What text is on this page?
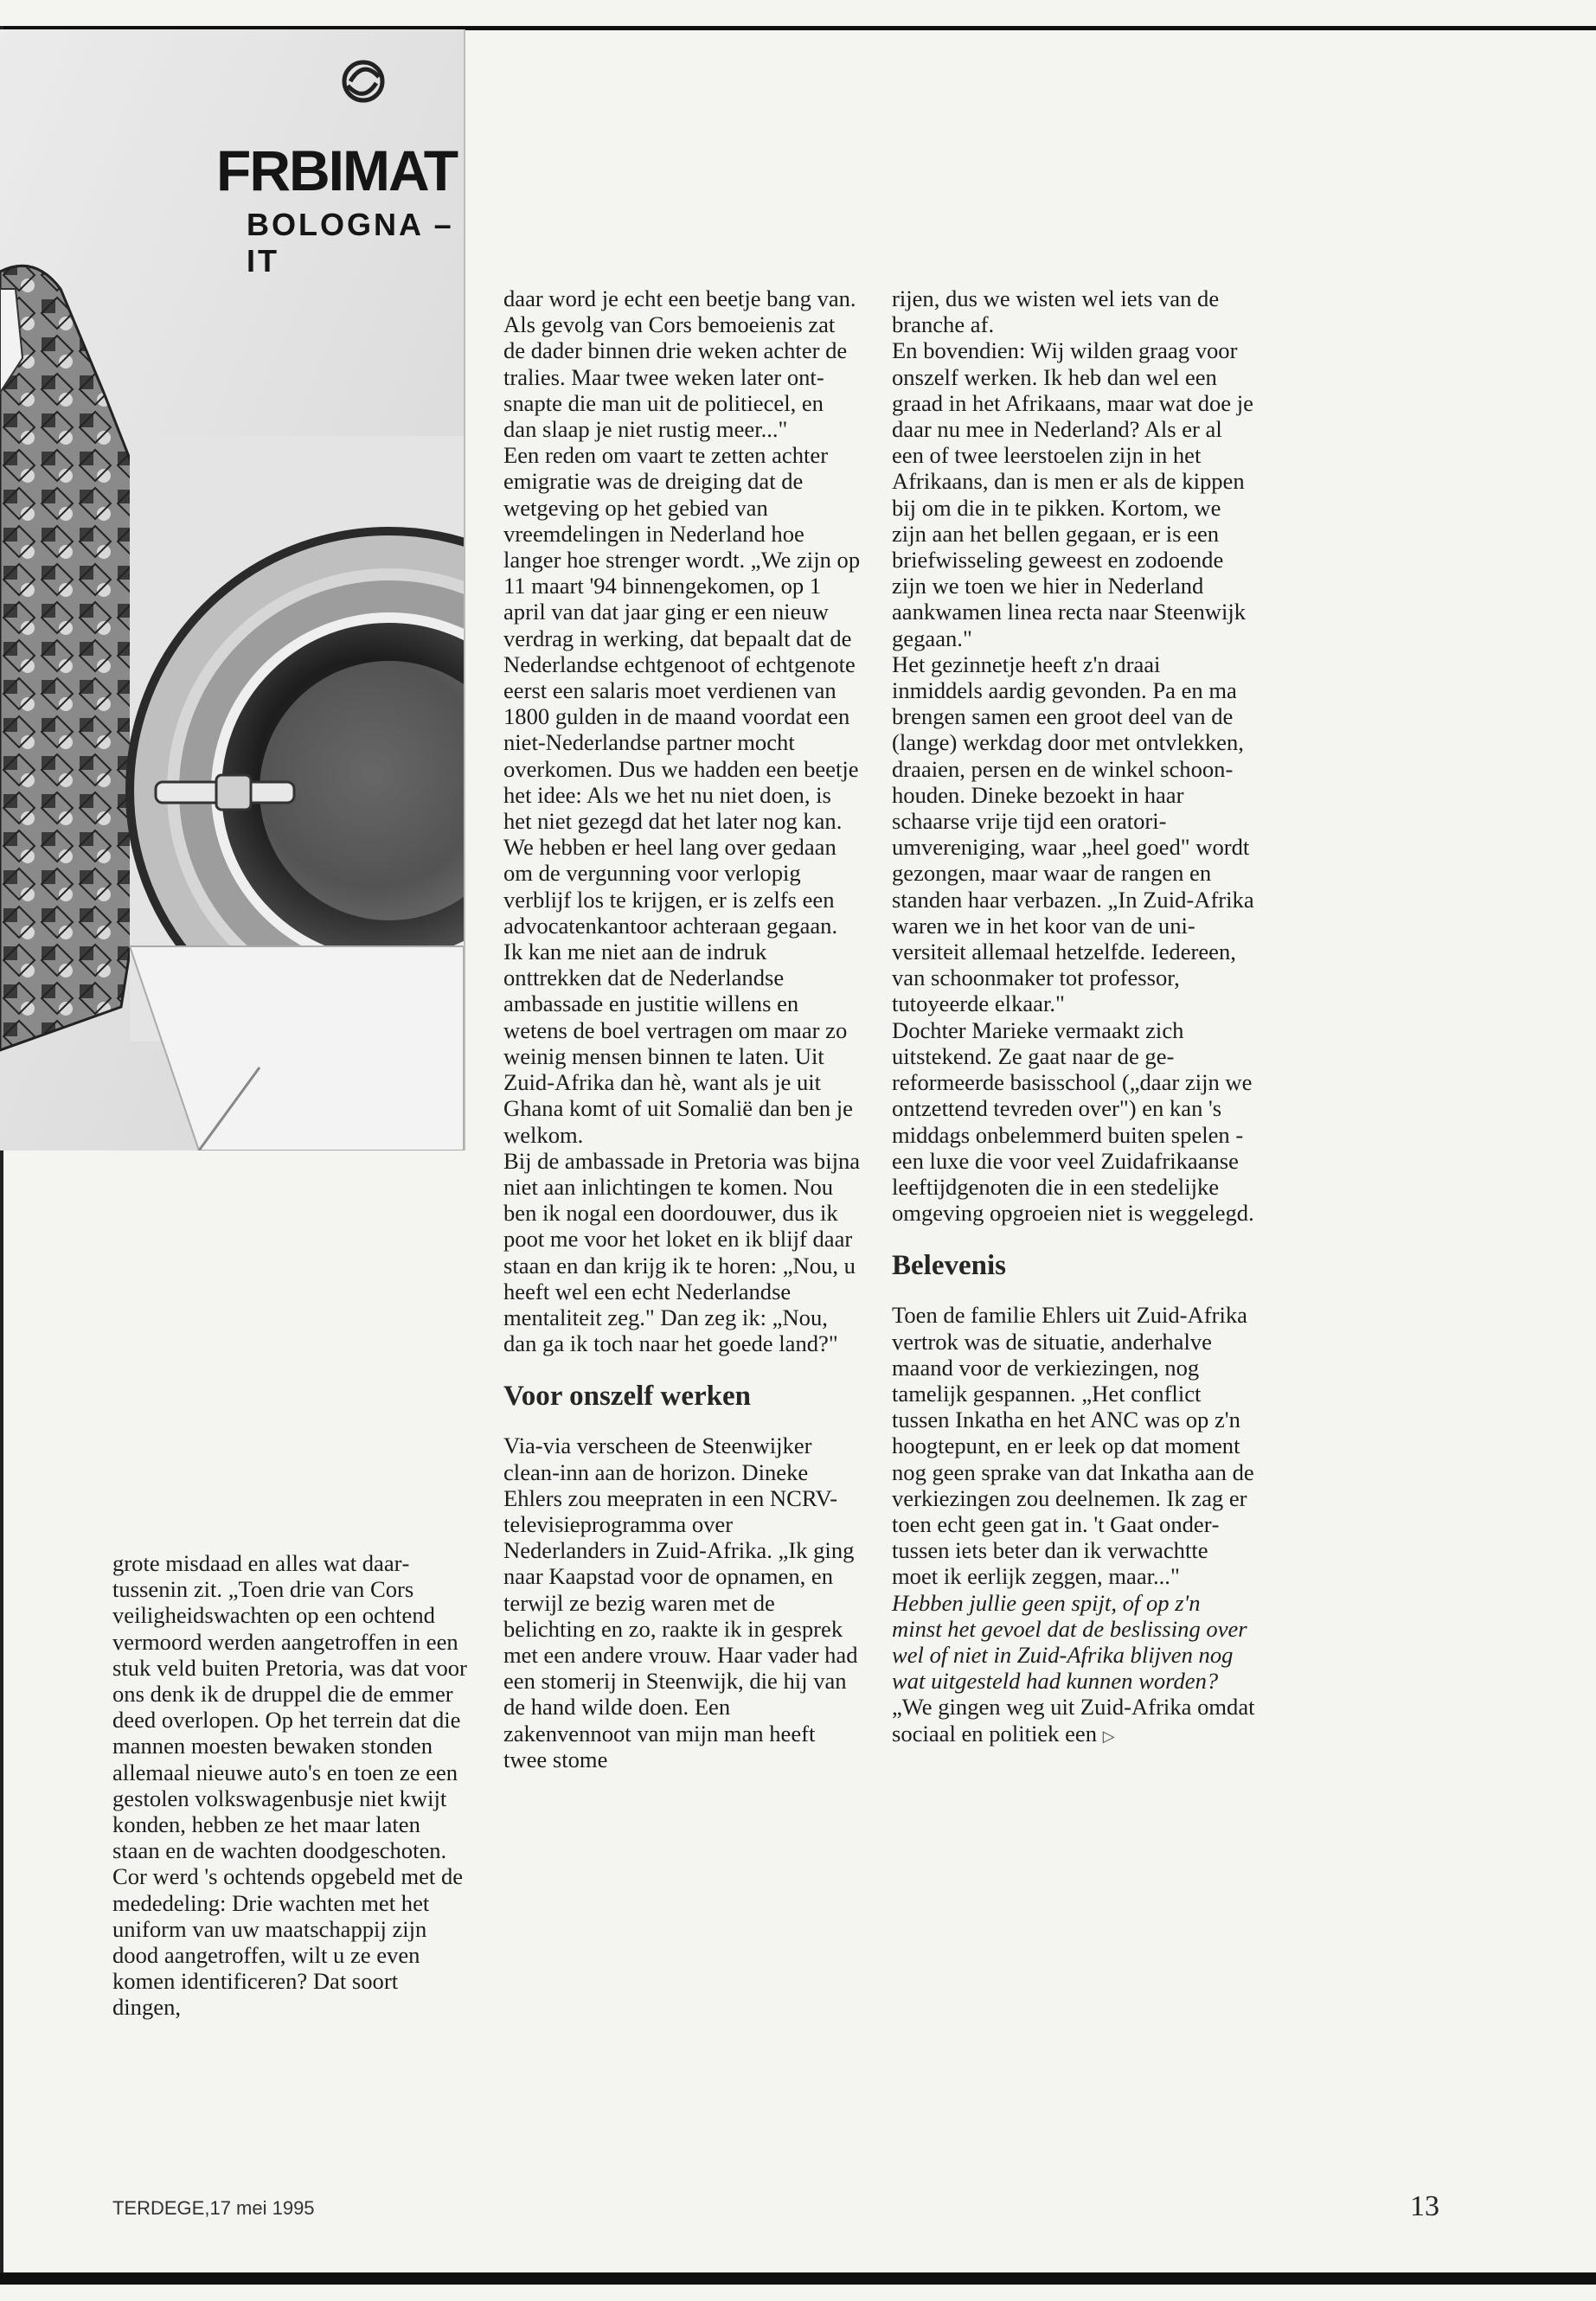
FRBIMAT
BOLOGNA – IT

grote misdaad en alles wat daartussenin zit. „Toen drie van Cors veiligheidswachten op een ochtend vermoord werden aangetroffen in een stuk veld buiten Pretoria, was dat voor ons denk ik de druppel die de emmer deed overlopen. Op het terrein dat die mannen moesten bewaken stonden allemaal nieuwe auto's en toen ze een gestolen volkswagenbusje niet kwijt konden, hebben ze het maar laten staan en de wachten doodgeschoten.

Cor werd 's ochtends opgebeld met de mededeling: Drie wachten met het uniform van uw maatschappij zijn dood aangetroffen, wilt u ze even komen identificeren? Dat soort dingen,

daar word je echt een beetje bang van. Als gevolg van Cors bemoeienis zat de dader binnen drie weken achter de tralies. Maar twee weken later ontsnapte die man uit de politiecel, en dan slaap je niet rustig meer..."

Een reden om vaart te zetten achter emigratie was de dreiging dat de wetgeving op het gebied van vreemdelingen in Nederland hoe langer hoe strenger wordt. „We zijn op 11 maart '94 binnengekomen, op 1 april van dat jaar ging er een nieuw verdrag in werking, dat bepaalt dat de Nederlandse echtgenoot of echtgenote eerst een salaris moet verdienen van 1800 gulden in de maand voordat een niet-Nederlandse partner mocht overkomen. Dus we hadden een beetje het idee: Als we het nu niet doen, is het niet gezegd dat het later nog kan. We hebben er heel lang over gedaan om de vergunning voor verlopig verblijf los te krijgen, er is zelfs een advocatenkantoor achteraan gegaan. Ik kan me niet aan de indruk onttrekken dat de Nederlandse ambassade en justitie willens en wetens de boel vertragen om maar zo weinig mensen binnen te laten. Uit Zuid-Afrika dan hè, want als je uit Ghana komt of uit Somalië dan ben je welkom.

Bij de ambassade in Pretoria was bijna niet aan inlichtingen te komen. Nou ben ik nogal een doordouwer, dus ik poot me voor het loket en ik blijf daar staan en dan krijg ik te horen: „Nou, u heeft wel een echt Nederlandse mentaliteit zeg." Dan zeg ik: „Nou, dan ga ik toch naar het goede land?"

Voor onszelf werken

Via-via verscheen de Steenwijker clean-inn aan de horizon. Dineke Ehlers zou meepraten in een NCRV-televisieprogramma over Nederlanders in Zuid-Afrika. „Ik ging naar Kaapstad voor de opnamen, en terwijl ze bezig waren met de belichting en zo, raakte ik in gesprek met een andere vrouw. Haar vader had een stomerij in Steenwijk, die hij van de hand wilde doen. Een zakenvennoot van mijn man heeft twee stome

rijen, dus we wisten wel iets van de branche af.

En bovendien: Wij wilden graag voor onszelf werken. Ik heb dan wel een graad in het Afrikaans, maar wat doe je daar nu mee in Nederland? Als er al een of twee leerstoelen zijn in het Afrikaans, dan is men er als de kippen bij om die in te pikken. Kortom, we zijn aan het bellen gegaan, er is een briefwisseling geweest en zodoende zijn we toen we hier in Nederland aankwamen linea recta naar Steenwijk gegaan."

Het gezinnetje heeft z'n draai inmiddels aardig gevonden. Pa en ma brengen samen een groot deel van de (lange) werkdag door met ontvlekken, draaien, persen en de winkel schoonhouden. Dineke bezoekt in haar schaarse vrije tijd een oratoriumvereniging, waar „heel goed" wordt gezongen, maar waar de rangen en standen haar verbazen. „In Zuid-Afrika waren we in het koor van de universiteit allemaal hetzelfde. Iedereen, van schoonmaker tot professor, tutoyeerde elkaar."

Dochter Marieke vermaakt zich uitstekend. Ze gaat naar de gereformeerde basisschool („daar zijn we ontzettend tevreden over") en kan 's middags onbelemmerd buiten spelen -een luxe die voor veel Zuidafrikaanse leeftijdgenoten die in een stedelijke omgeving opgroeien niet is weggelegd.

Belevenis

Toen de familie Ehlers uit Zuid-Afrika vertrok was de situatie, anderhalve maand voor de verkiezingen, nog tamelijk gespannen. „Het conflict tussen Inkatha en het ANC was op z'n hoogtepunt, en er leek op dat moment nog geen sprake van dat Inkatha aan de verkiezingen zou deelnemen. Ik zag er toen echt geen gat in. 't Gaat ondertussen iets beter dan ik verwachtte moet ik eerlijk zeggen, maar..."

Hebben jullie geen spijt, of op z'n minst het gevoel dat de beslissing over wel of niet in Zuid-Afrika blijven nog wat uitgesteld had kunnen worden?

„We gingen weg uit Zuid-Afrika omdat sociaal en politiek een ▷

TERDEGE,17 mei 1995	13
